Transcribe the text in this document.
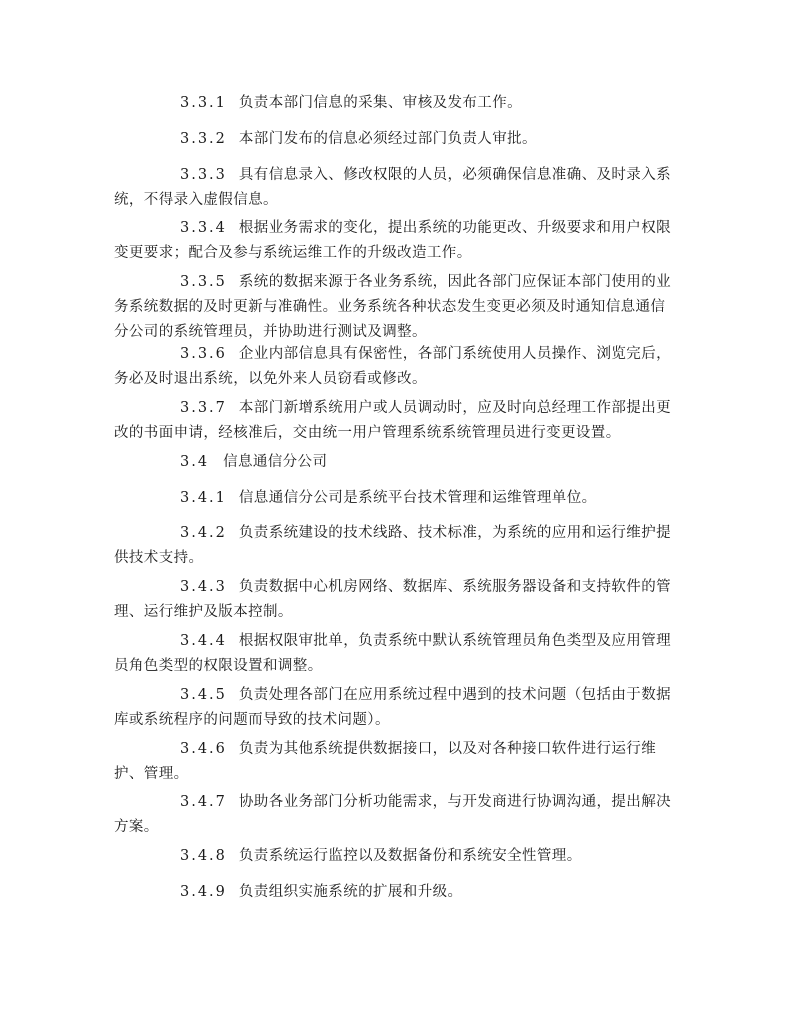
3.3.1 负责本部门信息的采集、审核及发布工作。

3.3.2 本部门发布的信息必须经过部门负责人审批。

3.3.3 具有信息录入、修改权限的人员，必须确保信息准确、及时录入系统，不得录入虚假信息。

3.3.4 根据业务需求的变化，提出系统的功能更改、升级要求和用户权限变更要求；配合及参与系统运维工作的升级改造工作。

3.3.5 系统的数据来源于各业务系统，因此各部门应保证本部门使用的业务系统数据的及时更新与准确性。业务系统各种状态发生变更必须及时通知信息通信分公司的系统管理员，并协助进行测试及调整。

3.3.6 企业内部信息具有保密性，各部门系统使用人员操作、浏览完后，务必及时退出系统，以免外来人员窃看或修改。

3.3.7 本部门新增系统用户或人员调动时，应及时向总经理工作部提出更改的书面申请，经核准后，交由统一用户管理系统系统管理员进行变更设置。

3.4 信息通信分公司

3.4.1 信息通信分公司是系统平台技术管理和运维管理单位。

3.4.2 负责系统建设的技术线路、技术标准，为系统的应用和运行维护提供技术支持。

3.4.3 负责数据中心机房网络、数据库、系统服务器设备和支持软件的管理、运行维护及版本控制。

3.4.4 根据权限审批单，负责系统中默认系统管理员角色类型及应用管理员角色类型的权限设置和调整。

3.4.5 负责处理各部门在应用系统过程中遇到的技术问题（包括由于数据库或系统程序的问题而导致的技术问题）。

3.4.6 负责为其他系统提供数据接口，以及对各种接口软件进行运行维护、管理。

3.4.7 协助各业务部门分析功能需求，与开发商进行协调沟通，提出解决方案。

3.4.8 负责系统运行监控以及数据备份和系统安全性管理。

3.4.9 负责组织实施系统的扩展和升级。
